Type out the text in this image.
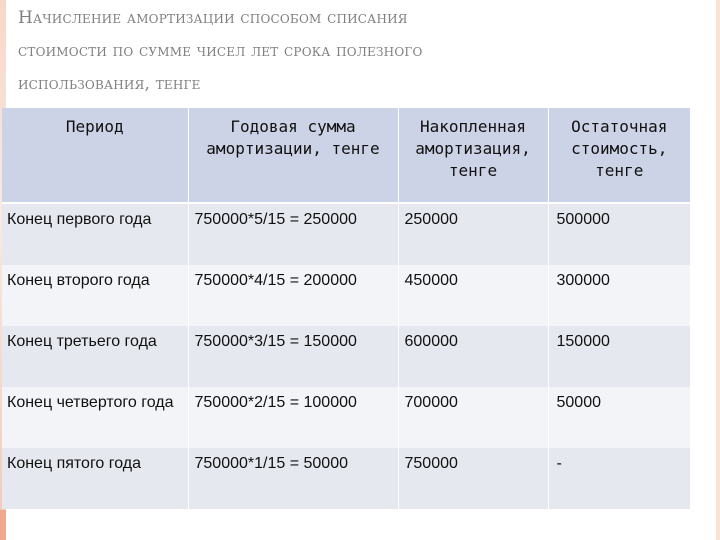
Начисление амортизации способом списания
стоимости по сумме чисел лет срока полезного
использования, тенге
Период	Годовая сумма амортизации, тенге	Накопленная амортизация, тенге	Остаточная стоимость, тенге
Конец первого года	750000*5/15 = 250000	250000	500000
Конец второго года	750000*4/15 = 200000	450000	300000
Конец третьего года	750000*3/15 = 150000	600000	150000
Конец четвертого года	750000*2/15 = 100000	700000	50000
Конец пятого года	750000*1/15 = 50000	750000	-
